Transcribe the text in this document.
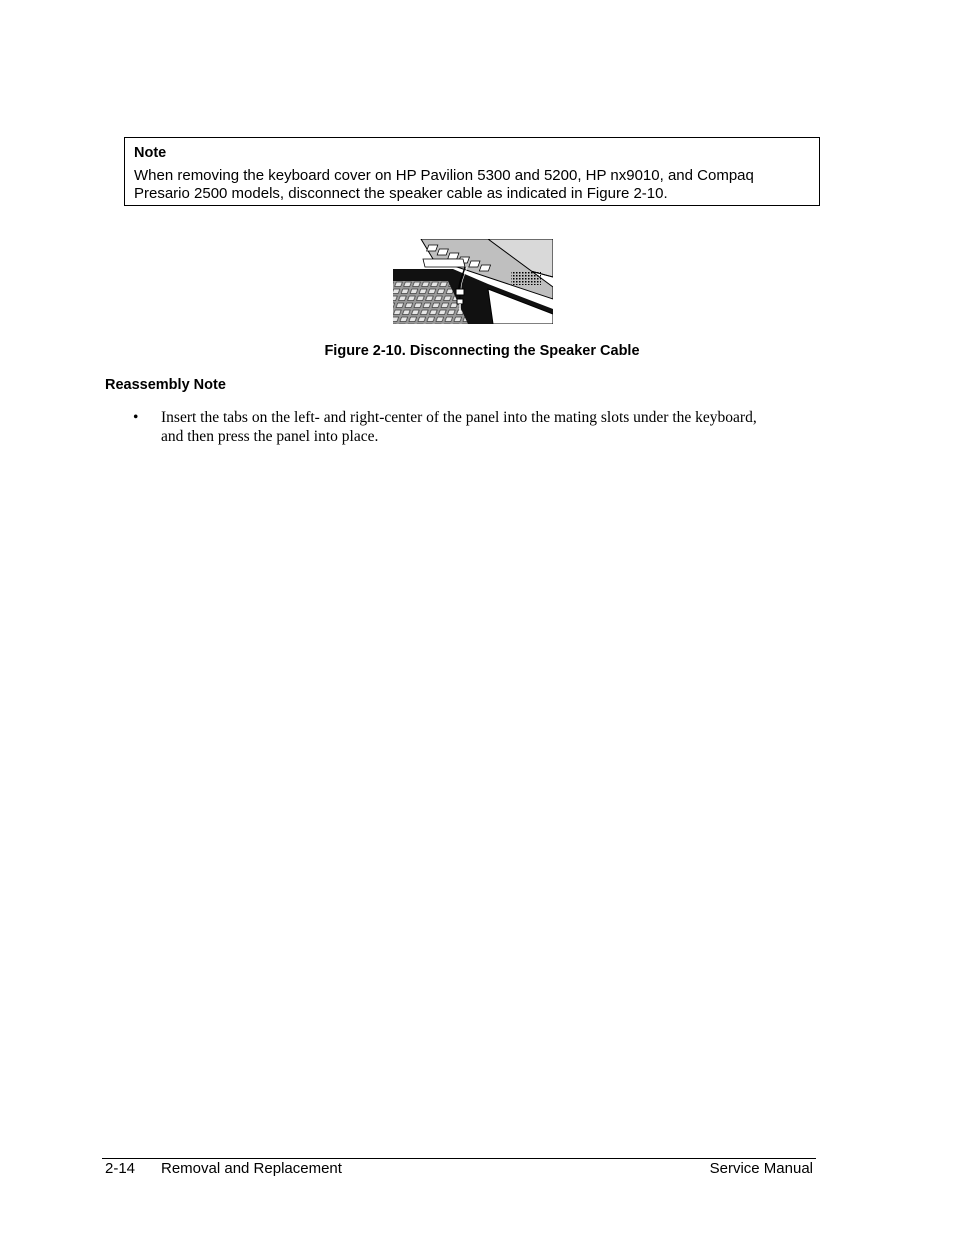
Note

When removing the keyboard cover on HP Pavilion 5300 and 5200, HP nx9010, and Compaq
Presario 2500 models, disconnect the speaker cable as indicated in Figure 2-10.

Figure 2-10. Disconnecting the Speaker Cable
Reassembly Note
• Insert the tabs on the left- and right-center of the panel into the mating slots under the keyboard,
and then press the panel into place.
2-14 Removal and Replacement	Service Manual
